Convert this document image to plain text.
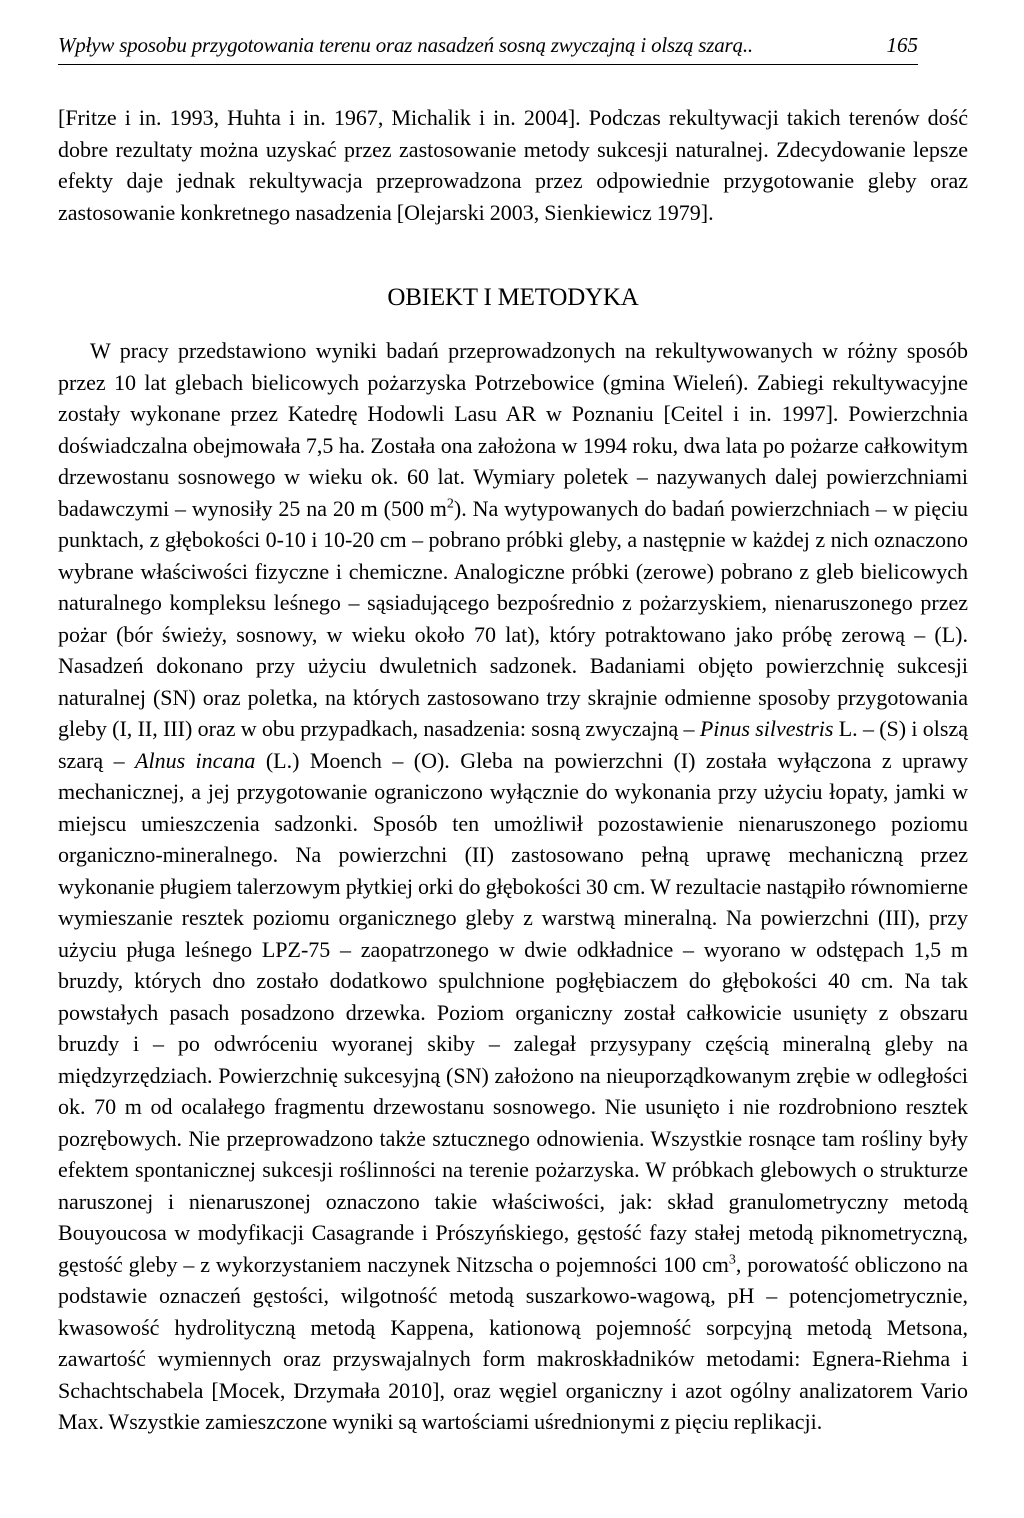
Wpływ sposobu przygotowania terenu oraz nasadzeń sosną zwyczajną i olszą szarą..	165

[Fritze i in. 1993, Huhta i in. 1967, Michalik i in. 2004]. Podczas rekultywacji takich terenów dość dobre rezultaty można uzyskać przez zastosowanie metody sukcesji naturalnej. Zdecydowanie lepsze efekty daje jednak rekultywacja przeprowadzona przez odpowiednie przygotowanie gleby oraz zastosowanie konkretnego nasadzenia [Olejarski 2003, Sienkiewicz 1979].

OBIEKT I METODYKA

W pracy przedstawiono wyniki badań przeprowadzonych na rekultywowanych w różny sposób przez 10 lat glebach bielicowych pożarzyska Potrzebowice (gmina Wieleń). Zabiegi rekultywacyjne zostały wykonane przez Katedrę Hodowli Lasu AR w Poznaniu [Ceitel i in. 1997]. Powierzchnia doświadczalna obejmowała 7,5 ha. Została ona założona w 1994 roku, dwa lata po pożarze całkowitym drzewostanu sosnowego w wieku ok. 60 lat. Wymiary poletek – nazywanych dalej powierzchniami badawczymi – wynosiły 25 na 20 m (500 $m^2$). Na wytypowanych do badań powierzchniach – w pięciu punktach, z głębokości 0-10 i 10-20 cm – pobrano próbki gleby, a następnie w każdej z nich oznaczono wybrane właściwości fizyczne i chemiczne. Analogiczne próbki (zerowe) pobrano z gleb bielicowych naturalnego kompleksu leśnego – sąsiadującego bezpośrednio z pożarzyskiem, nienaruszonego przez pożar (bór świeży, sosnowy, w wieku około 70 lat), który potraktowano jako próbę zerową – (L). Nasadzeń dokonano przy użyciu dwuletnich sadzonek. Badaniami objęto powierzchnię sukcesji naturalnej (SN) oraz poletka, na których zastosowano trzy skrajnie odmienne sposoby przygotowania gleby (I, II, III) oraz w obu przypadkach, nasadzenia: sosną zwyczajną – Pinus silvestris L. – (S) i olszą szarą – Alnus incana (L.) Moench – (O). Gleba na powierzchni (I) została wyłączona z uprawy mechanicznej, a jej przygotowanie ograniczono wyłącznie do wykonania przy użyciu łopaty, jamki w miejscu umieszczenia sadzonki. Sposób ten umożliwił pozostawienie nienaruszonego poziomu organiczno-mineralnego. Na powierzchni (II) zastosowano pełną uprawę mechaniczną przez wykonanie pługiem talerzowym płytkiej orki do głębokości 30 cm. W rezultacie nastąpiło równomierne wymieszanie resztek poziomu organicznego gleby z warstwą mineralną. Na powierzchni (III), przy użyciu pługa leśnego LPZ-75 – zaopatrzonego w dwie odkładnice – wyorano w odstępach 1,5 m bruzdy, których dno zostało dodatkowo spulchnione pogłębiaczem do głębokości 40 cm. Na tak powstałych pasach posadzono drzewka. Poziom organiczny został całkowicie usunięty z obszaru bruzdy i – po odwróceniu wyoranej skiby – zalegał przysypany częścią mineralną gleby na międzyrzędziach. Powierzchnię sukcesyjną (SN) założono na nieuporządkowanym zrębie w odległości ok. 70 m od ocalałego fragmentu drzewostanu sosnowego. Nie usunięto i nie rozdrobniono resztek pozrębowych. Nie przeprowadzono także sztucznego odnowienia. Wszystkie rosnące tam rośliny były efektem spontanicznej sukcesji roślinności na terenie pożarzyska. W próbkach glebowych o strukturze naruszonej i nienaruszonej oznaczono takie właściwości, jak: skład granulometryczny metodą Bouyoucosa w modyfikacji Casagrande i Prószyńskiego, gęstość fazy stałej metodą piknometryczną, gęstość gleby – z wykorzystaniem naczynek Nitzscha o pojemności 100 $cm^3$, porowatość obliczono na podstawie oznaczeń gęstości, wilgotność metodą suszarkowo-wagową, pH – potencjometrycznie, kwasowość hydrolityczną metodą Kappena, kationową pojemność sorpcyjną metodą Metsona, zawartość wymiennych oraz przyswajalnych form makroskładników metodami: Egnera-Riehma i Schachtschabela [Mocek, Drzymała 2010], oraz węgiel organiczny i azot ogólny analizatorem Vario Max. Wszystkie zamieszczone wyniki są wartościami uśrednionymi z pięciu replikacji.
